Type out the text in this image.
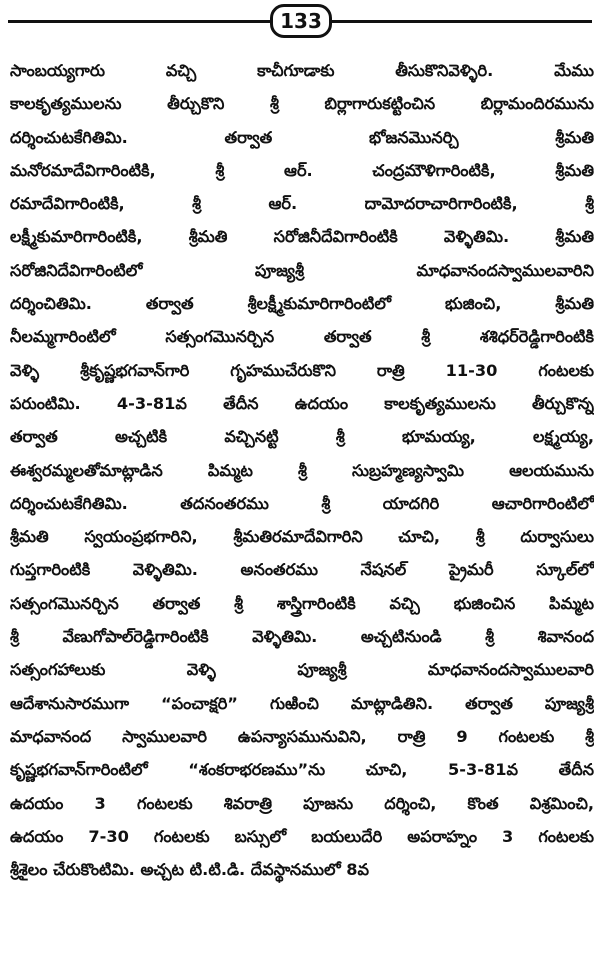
133
సాంబయ్యగారు వచ్చి కాచీగూడాకు తీసుకొనివెళ్ళిరి. మేము
కాలకృత్యములను తీర్చుకొని శ్రీ బిర్లాగారుకట్టించిన బిర్లామందిరమును
దర్శించుటకేగితిమి. తర్వాత భోజనమొనర్చి శ్రీమతి
మనోరమాదేవిగారింటికి, శ్రీ ఆర్. చంద్రమౌళిగారింటికి, శ్రీమతి
రమాదేవిగారింటికి, శ్రీ ఆర్. దామోదరాచారిగారింటికి, శ్రీ
లక్ష్మీకుమారిగారింటికి, శ్రీమతి సరోజినీదేవిగారింటికి వెళ్ళితిమి. శ్రీమతి
సరోజినిదేవిగారింటిలో పూజ్యశ్రీ మాధవానందస్వాములవారిని
దర్శించితిమి. తర్వాత శ్రీలక్ష్మీకుమారిగారింటిలో భుజించి, శ్రీమతి
నీలమ్మగారింటిలో సత్సంగమొనర్చిన తర్వాత శ్రీ శశిధర్‌రెడ్డిగారింటికి
వెళ్ళి శ్రీకృష్ణభగవాన్‌గారి గృహముచేరుకొని రాత్రి 11-30 గంటలకు
పరుంటిమి. 4-3-81వ తేదీన ఉదయం కాలకృత్యములను తీర్చుకొన్న
తర్వాత అచ్చటికి వచ్చినట్టి శ్రీ భూమయ్య, లక్ష్మయ్య,
ఈశ్వరమ్మలతోమాట్లాడిన పిమ్మట శ్రీ సుబ్రహ్మణ్యస్వామి ఆలయమును
దర్శించుటకేగితిమి. తదనంతరము శ్రీ యాదగిరి ఆచారిగారింటిలో
శ్రీమతి స్వయంప్రభగారిని, శ్రీమతిరమాదేవిగారిని చూచి, శ్రీ దుర్వాసులు
గుప్తగారింటికి వెళ్ళితిమి. అనంతరము నేషనల్ ప్రైమరీ స్కూల్‌లో
సత్సంగమొనర్చిన తర్వాత శ్రీ శాస్త్రిగారింటికి వచ్చి భుజించిన పిమ్మట
శ్రీ వేణుగోపాల్‌రెడ్డిగారింటికి వెళ్ళితిమి. అచ్చటినుండి శ్రీ శివానంద
సత్సంగహాలుకు వెళ్ళి పూజ్యశ్రీ మాధవానందస్వాములవారి
ఆదేశానుసారముగా “పంచాక్షరి” గుఱించి మాట్లాడితిని. తర్వాత పూజ్యశ్రీ
మాధవానంద స్వాములవారి ఉపన్యాసమునువిని, రాత్రి 9 గంటలకు శ్రీ
కృష్ణభగవాన్‌గారింటిలో “శంకరాభరణము”ను చూచి, 5-3-81వ తేదీన
ఉదయం 3 గంటలకు శివరాత్రి పూజను దర్శించి, కొంత విశ్రమించి,
ఉదయం 7-30 గంటలకు బస్సులో బయలుదేరి అపరాహ్నం 3 గంటలకు
శ్రీశైలం చేరుకొంటిమి. అచ్చట టి.టి.డి. దేవస్థానములో 8వ
